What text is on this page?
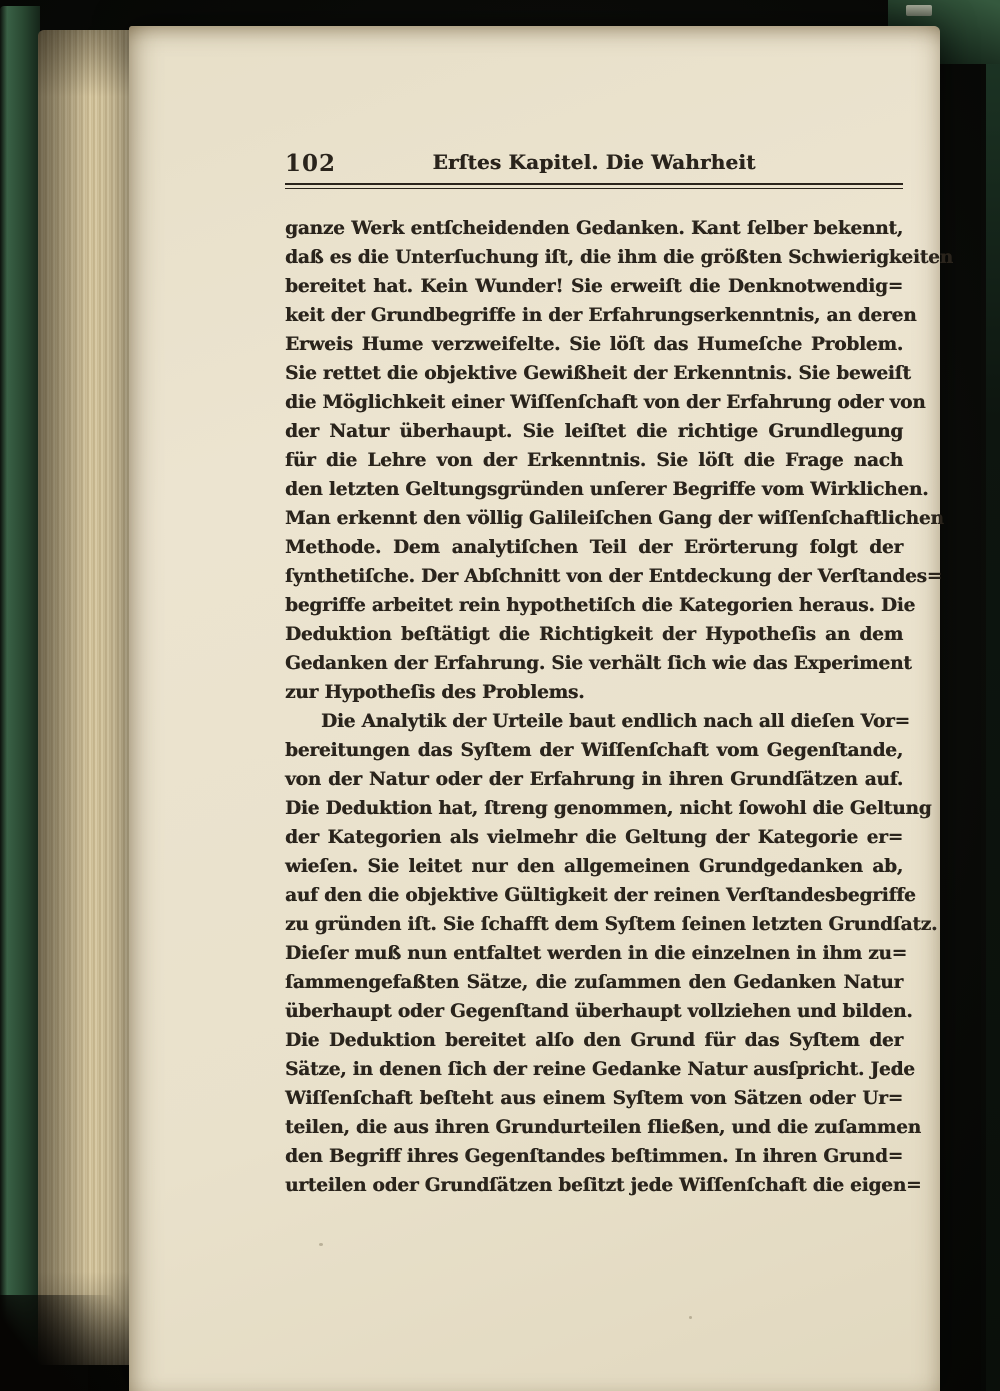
102	Erſtes Kapitel. Die Wahrheit
ganze Werk entſcheidenden Gedanken. Kant ſelber bekennt,
daß es die Unterſuchung iſt, die ihm die größten Schwierigkeiten
bereitet hat. Kein Wunder! Sie erweiſt die Denknotwendig=
keit der Grundbegriffe in der Erfahrungserkenntnis, an deren
Erweis Hume verzweifelte. Sie löſt das Humeſche Problem.
Sie rettet die objektive Gewißheit der Erkenntnis. Sie beweiſt
die Möglichkeit einer Wiſſenſchaft von der Erfahrung oder von
der Natur überhaupt. Sie leiſtet die richtige Grundlegung
für die Lehre von der Erkenntnis. Sie löſt die Frage nach
den letzten Geltungsgründen unſerer Begriffe vom Wirklichen.
Man erkennt den völlig Galileiſchen Gang der wiſſenſchaftlichen
Methode. Dem analytiſchen Teil der Erörterung folgt der
ſynthetiſche. Der Abſchnitt von der Entdeckung der Verſtandes=
begriffe arbeitet rein hypothetiſch die Kategorien heraus. Die
Deduktion beſtätigt die Richtigkeit der Hypotheſis an dem
Gedanken der Erfahrung. Sie verhält ſich wie das Experiment
zur Hypotheſis des Problems.
Die Analytik der Urteile baut endlich nach all dieſen Vor=
bereitungen das Syſtem der Wiſſenſchaft vom Gegenſtande,
von der Natur oder der Erfahrung in ihren Grundſätzen auf.
Die Deduktion hat, ſtreng genommen, nicht ſowohl die Geltung
der Kategorien als vielmehr die Geltung der Kategorie er=
wieſen. Sie leitet nur den allgemeinen Grundgedanken ab,
auf den die objektive Gültigkeit der reinen Verſtandesbegriffe
zu gründen iſt. Sie ſchafft dem Syſtem ſeinen letzten Grundſatz.
Dieſer muß nun entfaltet werden in die einzelnen in ihm zu=
ſammengefaßten Sätze, die zuſammen den Gedanken Natur
überhaupt oder Gegenſtand überhaupt vollziehen und bilden.
Die Deduktion bereitet alſo den Grund für das Syſtem der
Sätze, in denen ſich der reine Gedanke Natur ausſpricht. Jede
Wiſſenſchaft beſteht aus einem Syſtem von Sätzen oder Ur=
teilen, die aus ihren Grundurteilen fließen, und die zuſammen
den Begriff ihres Gegenſtandes beſtimmen. In ihren Grund=
urteilen oder Grundſätzen beſitzt jede Wiſſenſchaft die eigen=
